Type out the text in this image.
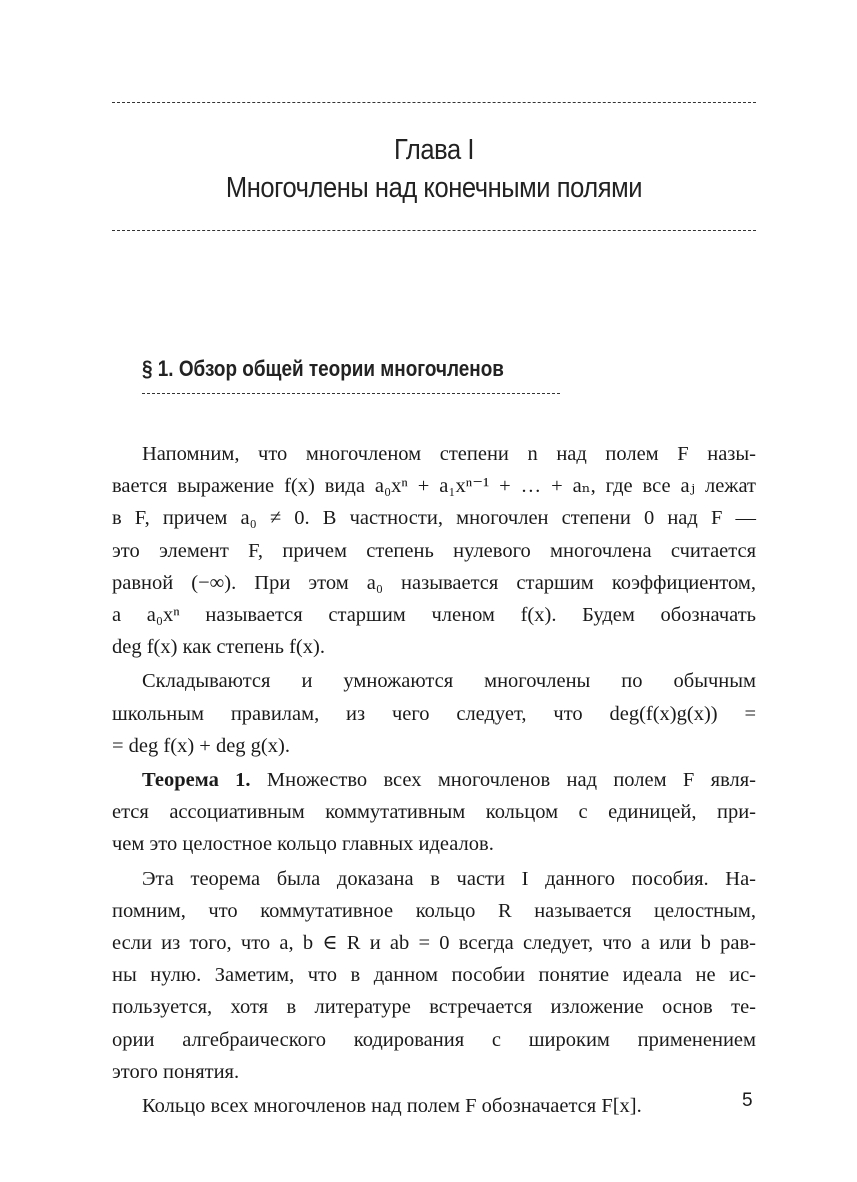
Глава I
Многочлены над конечными полями
§ 1. Обзор общей теории многочленов

Напомним, что многочленом степени n над полем F назы-
вается выражение f(x) вида a₀xⁿ + a₁xⁿ⁻¹ + … + aₙ, где все aⱼ лежат
в F, причем a₀ ≠ 0. В частности, многочлен степени 0 над F —
это элемент F, причем степень нулевого многочлена считается
равной (−∞). При этом a₀ называется старшим коэффициентом,
а a₀xⁿ называется старшим членом f(x). Будем обозначать
deg f(x) как степень f(x).

Складываются и умножаются многочлены по обычным
школьным правилам, из чего следует, что deg(f(x)g(x)) =
= deg f(x) + deg g(x).

Теорема 1. Множество всех многочленов над полем F явля-
ется ассоциативным коммутативным кольцом с единицей, при-
чем это целостное кольцо главных идеалов.

Эта теорема была доказана в части I данного пособия. На-
помним, что коммутативное кольцо R называется целостным,
если из того, что a, b ∈ R и ab = 0 всегда следует, что a или b рав-
ны нулю. Заметим, что в данном пособии понятие идеала не ис-
пользуется, хотя в литературе встречается изложение основ те-
ории алгебраического кодирования с широким применением
этого понятия.

Кольцо всех многочленов над полем F обозначается F[x].	5
